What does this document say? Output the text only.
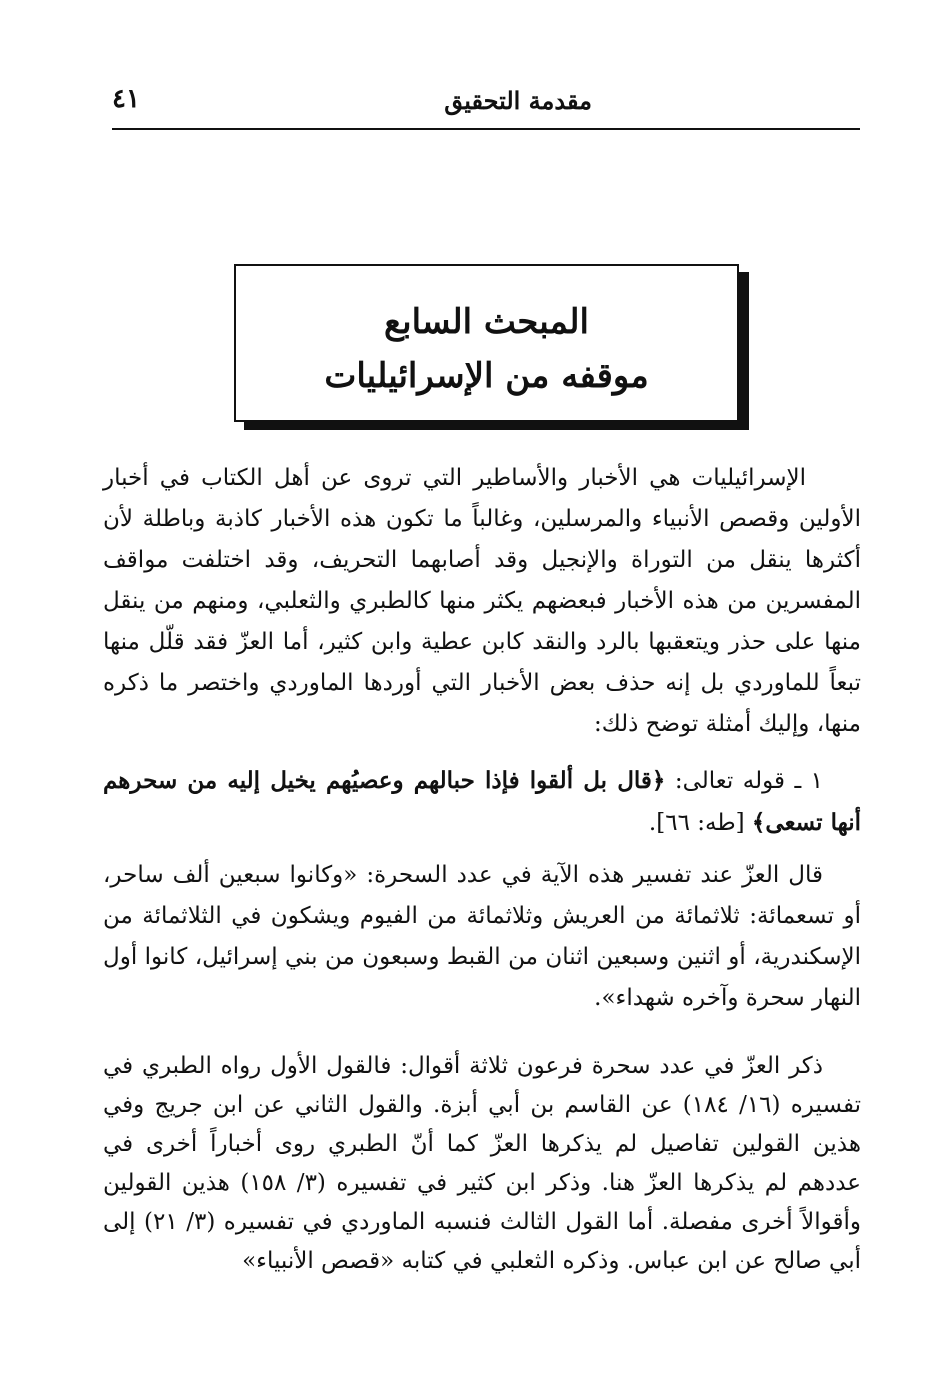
مقدمة التحقيق
٤١
المبحث السابع
موقفه من الإسرائيليات

الإسرائيليات هي الأخبار والأساطير التي تروى عن أهل الكتاب في أخبار الأولين وقصص الأنبياء والمرسلين، وغالباً ما تكون هذه الأخبار كاذبة وباطلة لأن أكثرها ينقل من التوراة والإنجيل وقد أصابهما التحريف، وقد اختلفت مواقف المفسرين من هذه الأخبار فبعضهم يكثر منها كالطبري والثعلبي، ومنهم من ينقل منها على حذر ويتعقبها بالرد والنقد كابن عطية وابن كثير، أما العزّ فقد قلّل منها تبعاً للماوردي بل إنه حذف بعض الأخبار التي أوردها الماوردي واختصر ما ذكره منها، وإليك أمثلة توضح ذلك:

١ ـ قوله تعالى: ﴿قال بل ألقوا فإذا حبالهم وعصيُهم يخيل إليه من سحرهم أنها تسعى﴾ [طه: ٦٦].

قال العزّ عند تفسير هذه الآية في عدد السحرة: «وكانوا سبعين ألف ساحر، أو تسعمائة: ثلاثمائة من العريش وثلاثمائة من الفيوم ويشكون في الثلاثمائة من الإسكندرية، أو اثنين وسبعين اثنان من القبط وسبعون من بني إسرائيل، كانوا أول النهار سحرة وآخره شهداء».

ذكر العزّ في عدد سحرة فرعون ثلاثة أقوال: فالقول الأول رواه الطبري في تفسيره (١٦/ ١٨٤) عن القاسم بن أبي أبزة. والقول الثاني عن ابن جريج وفي هذين القولين تفاصيل لم يذكرها العزّ كما أنّ الطبري روى أخباراً أخرى في عددهم لم يذكرها العزّ هنا. وذكر ابن كثير في تفسيره (٣/ ١٥٨) هذين القولين وأقوالاً أخرى مفصلة. أما القول الثالث فنسبه الماوردي في تفسيره (٣/ ٢١) إلى أبي صالح عن ابن عباس. وذكره الثعلبي في كتابه «قصص الأنبياء»
